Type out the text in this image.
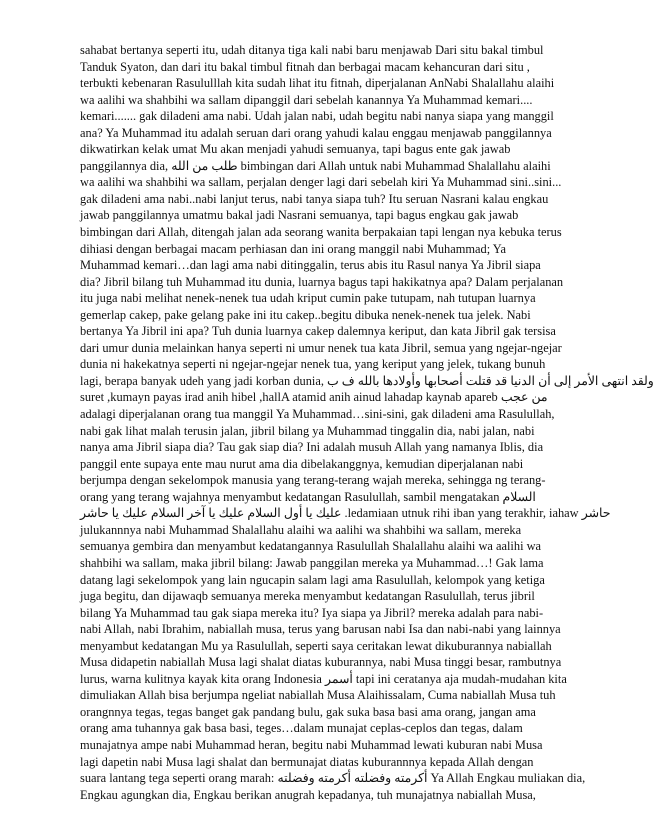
sahabat bertanya seperti itu, udah ditanya tiga kali nabi baru menjawab Dari situ bakal timbul
Tanduk Syaton, dan dari itu bakal timbul fitnah dan berbagai macam kehancuran dari situ ,
terbukti kebenaran Rasululllah kita sudah lihat itu fitnah, diperjalanan AnNabi Shalallahu alaihi
wa aalihi wa shahbihi wa sallam dipanggil dari sebelah kanannya Ya Muhammad kemari....
kemari....... gak diladeni ama nabi. Udah jalan nabi, udah begitu nabi nanya siapa yang manggil
ana? Ya Muhammad itu adalah seruan dari orang yahudi kalau enggau menjawab panggilannya
dikwatirkan kelak umat Mu akan menjadi yahudi semuanya, tapi bagus ente gak jawab
panggilannya dia, طلب من الله bimbingan dari Allah untuk nabi Muhammad Shalallahu alaihi
wa aalihi wa shahbihi wa sallam, perjalan denger lagi dari sebelah kiri Ya Muhammad sini..sini...
gak diladeni ama nabi..nabi lanjut terus, nabi tanya siapa tuh? Itu seruan Nasrani kalau engkau
jawab panggilannya umatmu bakal jadi Nasrani semuanya, tapi bagus engkau gak jawab
bimbingan dari Allah, ditengah jalan ada seorang wanita berpakaian tapi lengan nya kebuka terus
dihiasi dengan berbagai macam perhiasan dan ini orang manggil nabi Muhammad; Ya
Muhammad kemari…dan lagi ama nabi ditinggalin, terus abis itu Rasul nanya Ya Jibril siapa
dia? Jibril bilang tuh Muhammad itu dunia, luarnya bagus tapi hakikatnya apa? Dalam perjalanan
itu juga nabi melihat nenek-nenek tua udah kriput cumin pake tutupam, nah tutupan luarnya
gemerlap cakep, pake gelang pake ini itu cakep..begitu dibuka nenek-nenek tua jelek. Nabi
bertanya Ya Jibril ini apa? Tuh dunia luarnya cakep dalemnya keriput, dan kata Jibril gak tersisa
dari umur dunia melainkan hanya seperti ni umur nenek tua kata Jibril, semua yang ngejar-ngejar
dunia ni hakekatnya seperti ni ngejar-ngejar nenek tua, yang keriput yang jelek, tukang bunuh
lagi, berapa banyak udeh yang jadi korban dunia, ولقد انتهى الأمر إلى أن الدنيا قد قتلت أصحابها وأولادها بالله ف ب
suret ,kumayn payas irad anih hibel ,hallA atamid anih ainud lahadap kaynab apareb من عجب
adalagi diperjalanan orang tua manggil Ya Muhammad…sini-sini, gak diladeni ama Rasulullah,
nabi gak lihat malah terusin jalan, jibril bilang ya Muhammad tinggalin dia, nabi jalan, nabi
nanya ama Jibril siapa dia? Tau gak siap dia? Ini adalah musuh Allah yang namanya Iblis, dia
panggil ente supaya ente mau nurut ama dia dibelakanggnya, kemudian diperjalanan nabi
berjumpa dengan sekelompok manusia yang terang-terang wajah mereka, sehingga ng terang-
orang yang terang wajahnya menyambut kedatangan Rasulullah, sambil mengatakan السلام
عليك يا أول السلام عليك يا آخر السلام عليك يا حاشر .ledamiaan utnuk rihi iban yang terakhir, iahaw حاشر
julukannnya nabi Muhammad Shalallahu alaihi wa aalihi wa shahbihi wa sallam, mereka
semuanya gembira dan menyambut kedatangannya Rasulullah Shalallahu alaihi wa aalihi wa
shahbihi wa sallam, maka jibril bilang: Jawab panggilan mereka ya Muhammad…! Gak lama
datang lagi sekelompok yang lain ngucapin salam lagi ama Rasulullah, kelompok yang ketiga
juga begitu, dan dijawaqb semuanya mereka menyambut kedatangan Rasulullah, terus jibril
bilang Ya Muhammad tau gak siapa mereka itu? Iya siapa ya Jibril? mereka adalah para nabi-
nabi Allah, nabi Ibrahim, nabiallah musa, terus yang barusan nabi Isa dan nabi-nabi yang lainnya
menyambut kedatangan Mu ya Rasulullah, seperti saya ceritakan lewat dikuburannya nabiallah
Musa didapetin nabiallah Musa lagi shalat diatas kuburannya, nabi Musa tinggi besar, rambutnya
lurus, warna kulitnya kayak kita orang Indonesia أسمر tapi ini ceratanya aja mudah-mudahan kita
dimuliakan Allah bisa berjumpa ngeliat nabiallah Musa Alaihissalam, Cuma nabiallah Musa tuh
orangnnya tegas, tegas banget gak pandang bulu, gak suka basa basi ama orang, jangan ama
orang ama tuhannya gak basa basi, teges…dalam munajat ceplas-ceplos dan tegas, dalam
munajatnya ampe nabi Muhammad heran, begitu nabi Muhammad lewati kuburan nabi Musa
lagi dapetin nabi Musa lagi shalat dan bermunajat diatas kuburannnya kepada Allah dengan
suara lantang tega seperti orang marah: أكرمته وفضلته أكرمته وفضلته Ya Allah Engkau muliakan dia,
Engkau agungkan dia, Engkau berikan anugrah kepadanya, tuh munajatnya nabiallah Musa,
